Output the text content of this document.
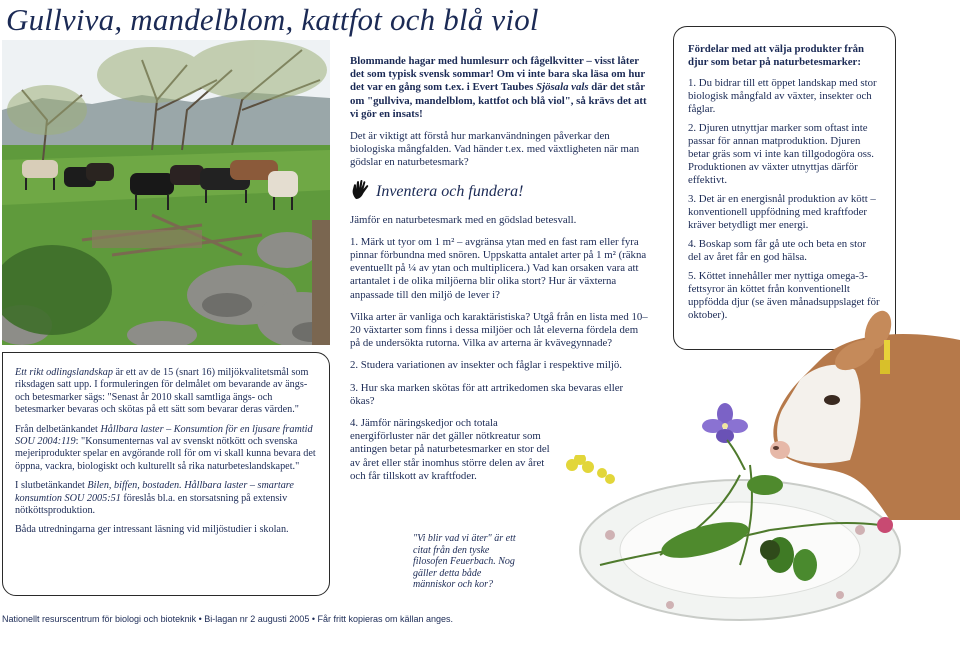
Gullviva, mandelblom, kattfot och blå viol

Ett rikt odlingslandskap är ett av de 15 (snart 16) miljökvalitetsmål som riksdagen satt upp. I formuleringen för delmålet om bevarande av ängs- och betesmarker sägs: "Senast år 2010 skall samtliga ängs- och betesmarker bevaras och skötas på ett sätt som bevarar deras värden."

Från delbetänkandet Hållbara laster – Konsumtion för en ljusare framtid SOU 2004:119: "Konsumenternas val av svenskt nötkött och svenska mejeriprodukter spelar en avgörande roll för om vi skall kunna bevara det öppna, vackra, biologiskt och kulturellt så rika naturbeteslandskapet."

I slutbetänkandet Bilen, biffen, bostaden. Hållbara laster – smartare konsumtion SOU 2005:51 föreslås bl.a. en storsatsning på extensiv nötköttsproduktion.

Båda utredningarna ger intressant läsning vid miljöstudier i skolan.

Blommande hagar med humlesurr och fågelkvitter – visst låter det som typisk svensk sommar! Om vi inte bara ska läsa om hur det var en gång som t.ex. i Evert Taubes Sjösala vals där det står om "gullviva, mandelblom, kattfot och blå viol", så krävs det att vi gör en insats!

Det är viktigt att förstå hur markanvändningen påverkar den biologiska mångfalden. Vad händer t.ex. med växtligheten när man gödslar en naturbetesmark?

Inventera och fundera!

Jämför en naturbetesmark med en gödslad betesvall.

1. Märk ut tyor om 1 m² – avgränsa ytan med en fast ram eller fyra pinnar förbundna med snören. Uppskatta antalet arter på 1 m² (räkna eventuellt på ¼ av ytan och multiplicera.) Vad kan orsaken vara att artantalet i de olika miljöerna blir olika stort? Hur är växterna anpassade till den miljö de lever i?

Vilka arter är vanliga och karaktäristiska? Utgå från en lista med 10–20 växtarter som finns i dessa miljöer och låt eleverna fördela dem på de undersökta rutorna. Vilka av arterna är kvävegynnade?

2. Studera variationen av insekter och fåglar i respektive miljö.

3. Hur ska marken skötas för att artrikedomen ska bevaras eller ökas?

4. Jämför näringskedjor och totala energiförluster när det gäller nötkreatur som antingen betar på naturbetesmarker en stor del av året eller står inomhus större delen av året och får tillskott av kraftfoder.

Fördelar med att välja produkter från djur som betar på naturbetesmarker:

1. Du bidrar till ett öppet landskap med stor biologisk mångfald av växter, insekter och fåglar.

2. Djuren utnyttjar marker som oftast inte passar för annan matproduktion. Djuren betar gräs som vi inte kan tillgodogöra oss. Produktionen av växter utnyttjas därför effektivt.

3. Det är en energisnål produktion av kött – konventionell uppfödning med kraftfoder kräver betydligt mer energi.

4. Boskap som får gå ute och beta en stor del av året får en god hälsa.

5. Köttet innehåller mer nyttiga omega-3-fettsyror än köttet från konventionellt uppfödda djur (se även månadsuppslaget för oktober).

"Vi blir vad vi äter" är ett citat från den tyske filosofen Feuerbach. Nog gäller detta både människor och kor?
Nationellt resurscentrum för biologi och bioteknik • Bi-lagan nr 2 augusti 2005 • Får fritt kopieras om källan anges.
